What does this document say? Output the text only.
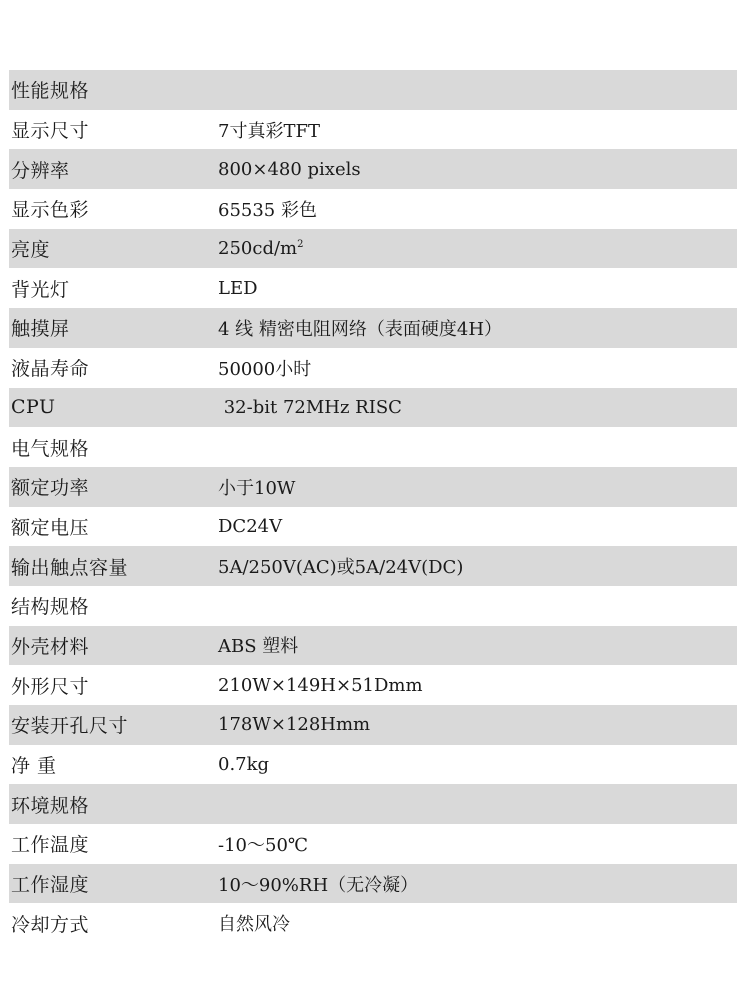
性能规格
显示尺寸	7寸真彩TFT
分辨率	800×480 pixels
显示色彩	65535 彩色
亮度	$250cd/m^2$
背光灯	LED
触摸屏	4 线 精密电阻网络（表面硬度4H）
液晶寿命	50000小时
CPU	32-bit 72MHz RISC
电气规格
额定功率	小于10W
额定电压	DC24V
输出触点容量	5A/250V(AC)或5A/24V(DC)
结构规格
外壳材料	ABS 塑料
外形尺寸	210W×149H×51Dmm
安装开孔尺寸	178W×128Hmm
净 重	0.7kg
环境规格
工作温度	-10～50℃
工作湿度	10～90%RH（无冷凝）
冷却方式	自然风冷
